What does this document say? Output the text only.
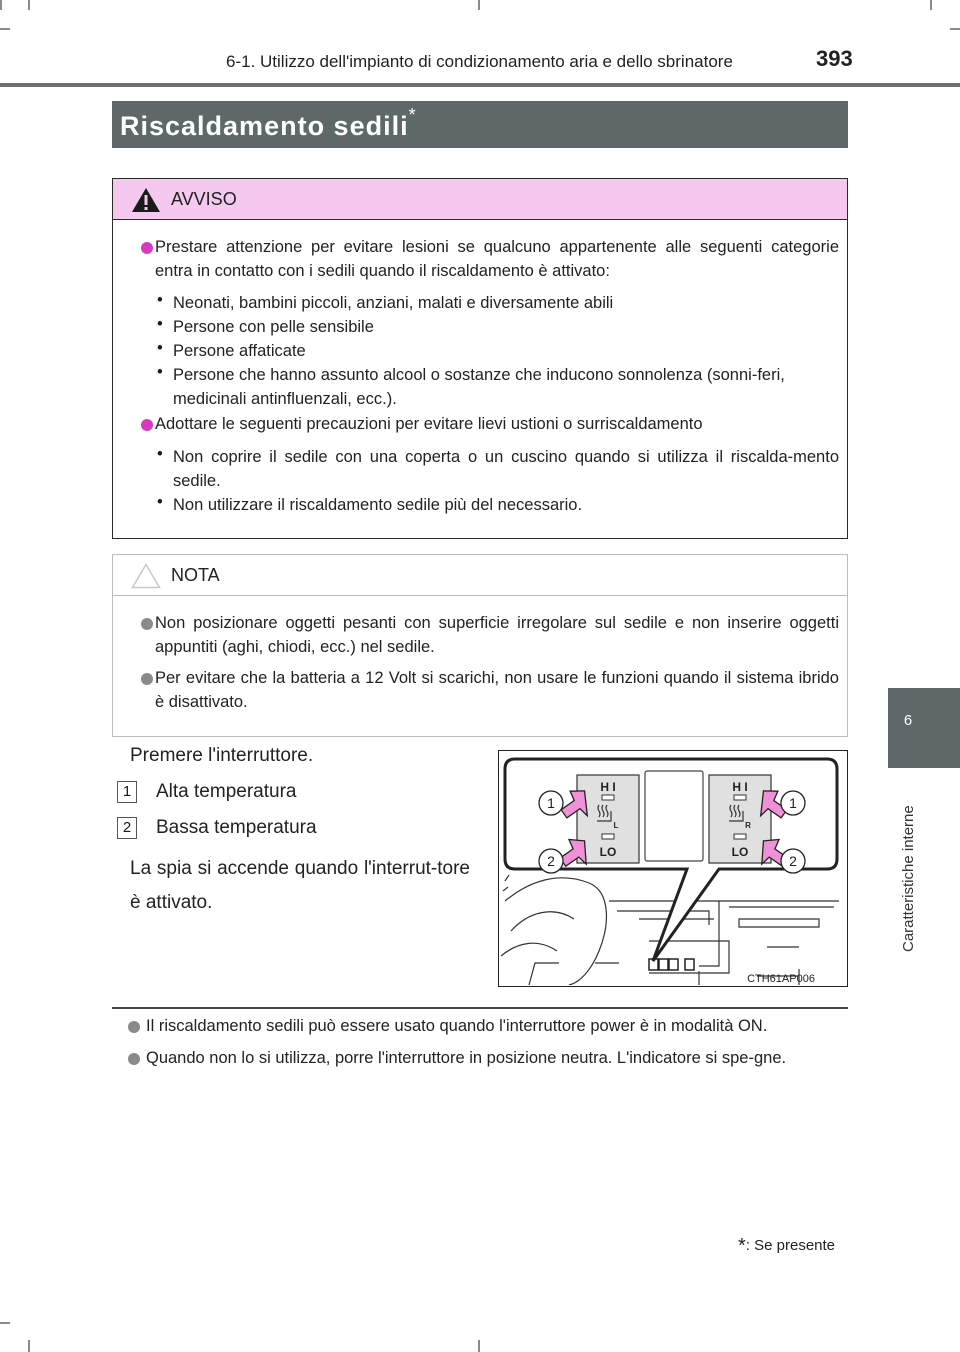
6-1. Utilizzo dell'impianto di condizionamento aria e dello sbrinatore	393
6
Caratteristiche interne
Riscaldamento sedili*
AVVISO
Prestare attenzione per evitare lesioni se qualcuno appartenente alle seguenti categorie entra in contatto con i sedili quando il riscaldamento è attivato:
• Neonati, bambini piccoli, anziani, malati e diversamente abili
• Persone con pelle sensibile
• Persone affaticate
• Persone che hanno assunto alcool o sostanze che inducono sonnolenza (sonni-feri, medicinali antinfluenzali, ecc.).
Adottare le seguenti precauzioni per evitare lievi ustioni o surriscaldamento
• Non coprire il sedile con una coperta o un cuscino quando si utilizza il riscalda-mento sedile.
• Non utilizzare il riscaldamento sedile più del necessario.
NOTA
Non posizionare oggetti pesanti con superficie irregolare sul sedile e non inserire oggetti appuntiti (aghi, chiodi, ecc.) nel sedile.
Per evitare che la batteria a 12 Volt si scarichi, non usare le funzioni quando il sistema ibrido è disattivato.
Premere l'interruttore.
1	Alta temperatura
2	Bassa temperatura
La spia si accende quando l'interrut-tore è attivato.
H I
LO
L
H I
LO
R
1
2
1
2
CTH61AP006
Il riscaldamento sedili può essere usato quando l'interruttore power è in modalità ON.
Quando non lo si utilizza, porre l'interruttore in posizione neutra. L'indicatore si spe-gne.
*: Se presente
